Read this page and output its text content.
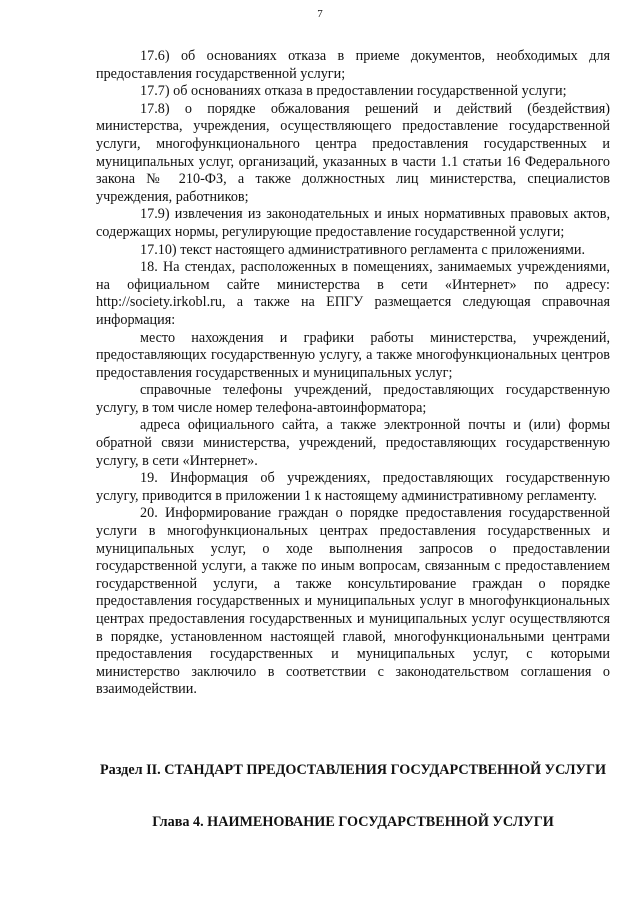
7

17.6) об основаниях отказа в приеме документов, необходимых для предоставления государственной услуги;

17.7) об основаниях отказа в предоставлении государственной услуги;

17.8) о порядке обжалования решений и действий (бездействия) министерства, учреждения, осуществляющего предоставление государственной услуги, многофункционального центра предоставления государственных и муниципальных услуг, организаций, указанных в части 1.1 статьи 16 Федерального закона № 210-ФЗ, а также должностных лиц министерства, специалистов учреждения, работников;

17.9) извлечения из законодательных и иных нормативных правовых актов, содержащих нормы, регулирующие предоставление государственной услуги;

17.10) текст настоящего административного регламента с приложениями.

18. На стендах, расположенных в помещениях, занимаемых учреждениями, на официальном сайте министерства в сети «Интернет» по адресу: http://society.irkobl.ru, а также на ЕПГУ размещается следующая справочная информация:

место нахождения и графики работы министерства, учреждений, предоставляющих государственную услугу, а также многофункциональных центров предоставления государственных и муниципальных услуг;

справочные телефоны учреждений, предоставляющих государственную услугу, в том числе номер телефона-автоинформатора;

адреса официального сайта, а также электронной почты и (или) формы обратной связи министерства, учреждений, предоставляющих государственную услугу, в сети «Интернет».

19. Информация об учреждениях, предоставляющих государственную услугу, приводится в приложении 1 к настоящему административному регламенту.

20. Информирование граждан о порядке предоставления государственной услуги в многофункциональных центрах предоставления государственных и муниципальных услуг, о ходе выполнения запросов о предоставлении государственной услуги, а также по иным вопросам, связанным с предоставлением государственной услуги, а также консультирование граждан о порядке предоставления государственных и муниципальных услуг в многофункциональных центрах предоставления государственных и муниципальных услуг осуществляются в порядке, установленном настоящей главой, многофункциональными центрами предоставления государственных и муниципальных услуг, с которыми министерство заключило в соответствии с законодательством соглашения о взаимодействии.

Раздел II. СТАНДАРТ ПРЕДОСТАВЛЕНИЯ ГОСУДАРСТВЕННОЙ УСЛУГИ
Глава 4. НАИМЕНОВАНИЕ ГОСУДАРСТВЕННОЙ УСЛУГИ
